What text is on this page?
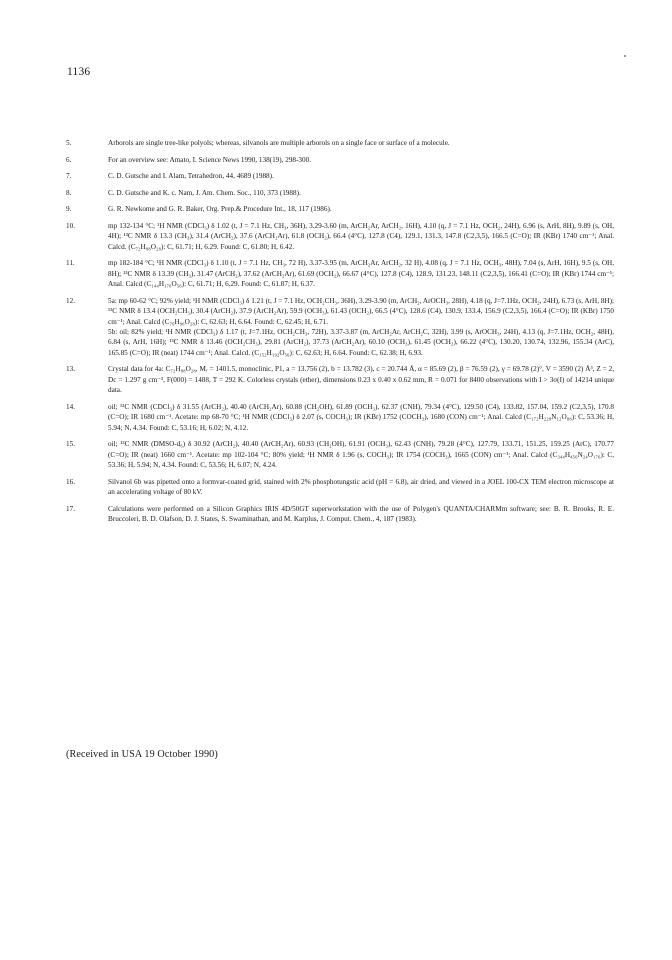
1136
5.	Arborols are single tree-like polyols; whereas, silvanols are multiple arborols on a single face or surface of a molecule.

6.	For an overview see: Amato, I. Science News 1990, 138(19), 298-300.

7.	C. D. Gutsche and I. Alam, Tetrahedron, 44, 4689 (1988).

8.	C. D. Gutsche and K. c. Nam, J. Am. Chem. Soc., 110, 373 (1988).

9.	G. R. Newkome and G. R. Baker, Org. Prep.& Procedure Int., 18, 117 (1986).

10.	mp 132-134 °C; ¹H NMR (CDCl₃) δ 1.02 (t, J = 7.1 Hz, CH₃, 36H), 3.29-3.60 (m, ArCH₂Ar, ArCH₂, 16H), 4.10 (q, J = 7.1 Hz, OCH₂, 24H), 6.96 (s, ArH, 8H), 9.89 (s, OH, 4H); ¹³C NMR δ 13.3 (CH₃), 31.4 (ArCH₂), 37.6 (ArCH₂Ar), 61.8 (OCH₂), 66.4 (4°C), 127.8 (C4), 129.1, 131.3, 147.8 (C2,3,5), 166.5 (C=O); IR (KBr) 1740 cm⁻¹; Anal. Calcd. (C₇₂H₈₈O₂₈): C, 61.71; H, 6.29. Found: C, 61.80; H, 6.42.

11.	mp 182-184 °C; ¹H NMR (CDCl₃) δ 1.10 (t, J = 7.1 Hz, CH₃, 72 H), 3.37-3.95 (m, ArCH₂Ar, ArCH₂, 32 H), 4.08 (q, J = 7.1 Hz, OCH₃, 48H), 7.04 (s, ArH, 16H), 9.5 (s, OH, 8H); ¹³C NMR δ 13.39 (CH₃), 31.47 (ArCH₂), 37.62 (ArCH₂Ar), 61.69 (OCH₂), 66.67 (4°C), 127.8 (C4), 128.9, 131.23, 148.11 (C2,3,5), 166.41 (C=O); IR (KBr) 1744 cm⁻¹; Anal. Calcd (C₁₄₄H₁₇₆O₅₆): C, 61.71; H, 6.29. Found: C, 61.87; H, 6.37.

12.	5a: mp 60-62 °C; 92% yield; ¹H NMR (CDCl₃) δ 1.21 (t, J = 7.1 Hz, OCH₂CH₃, 36H), 3.29-3.90 (m, ArCH₂, ArOCH₃, 28H), 4.18 (q, J=7.1Hz, OCH₂, 24H), 6.73 (s, ArH, 8H); ¹³C NMR δ 13.4 (OCH₂CH₃), 30.4 (ArCH₂), 37.9 (ArCH₂Ar), 59.9 (OCH₃), 61.43 (OCH₂), 66.5 (4°C), 128.6 (C4), 130.9, 133.4, 156.9 (C2,3,5), 166.4 (C=O); IR (KBr) 1750 cm⁻¹; Anal. Calcd (C₇₆H₉₆O₂₈): C, 62.63; H, 6.64. Found: C, 62.45; H, 6.71.

5b: oil; 82% yield; ¹H NMR (CDCl₃) δ 1.17 (t, J=7.1Hz, OCH₂CH₃, 72H), 3.37-3.87 (m, ArCH₂Ar, ArCH₂C, 32H), 3.99 (s, ArOCH₃, 24H), 4.13 (q, J=7.1Hz, OCH₂, 48H), 6.84 (s, ArH, 16H); ¹³C NMR δ 13.46 (OCH₂CH₃), 29.81 (ArCH₂), 37.73 (ArCH₂Ar), 60.10 (OCH₃), 61.45 (OCH₂), 66.22 (4°C), 130.20, 130.74, 132.96, 155.34 (ArC), 165.85 (C=O); IR (neat) 1744 cm⁻¹; Anal. Calcd. (C₁₅₂H₁₉₂O₅₆): C, 62.63; H, 6.64. Found: C, 62.38; H, 6.93.

13.	Crystal data for 4a: C₇₂H₈₈O₂₈, Mᵣ = 1401.5, monoclinic, P1, a = 13.756 (2), b = 13.782 (3), c = 20.744 Å, α = 85.69 (2), β = 76.59 (2), γ = 69.78 (2)°, V = 3590 (2) Å³, Z = 2, Dc = 1.297 g cm⁻³, F(000) = 1488, T = 292 K. Colorless crystals (ether), dimensions 0.23 x 0.40 x 0.62 mm, R = 0.071 for 8400 observations with I > 3σ(I) of 14214 unique data.

14.	oil; ¹³C NMR (CDCl₃) δ 31.55 (ArCH₂), 40.40 (ArCH₂Ar), 60.88 (CH₂OH), 61.89 (OCH₃), 62.37 (CNH), 79.34 (4°C), 129.50 (C4), 133.82, 157.04, 159.2 (C2,3,5), 170.8 (C=O); IR 1680 cm⁻¹. Acetate: mp 68-70 °C; ¹H NMR (CDCl₃) δ 2.07 (s, COCH₃); IR (KBr) 1752 (COCH₃), 1680 (CON) cm⁻¹; Anal. Calcd (C₁₇₂H₂₂₈N₁₂O₈₈): C, 53.36; H, 5.94; N, 4.34. Found: C, 53.16; H, 6.02; N, 4.12.

15.	oil; ¹³C NMR (DMSO-d₆) δ 30.92 (ArCH₂), 40.40 (ArCH₂Ar), 60.93 (CH₂OH), 61.91 (OCH₃), 62.43 (CNH), 79.28 (4°C), 127.79, 133.71, 151.25, 159.25 (ArC), 170.77 (C=O); IR (neat) 1660 cm⁻¹. Acetate: mp 102-104 °C; 80% yield; ¹H NMR δ 1.96 (s, COCH₃); IR 1754 (COCH₃), 1665 (CON) cm⁻¹; Anal. Calcd (C₃₄₄H₄₅₆N₂₄O₁₇₆): C, 53.36; H, 5.94; N, 4.34. Found: C, 53.56; H, 6.07; N, 4.24.

16.	Silvanol 6b was pipetted onto a formvar-coated grid, stained with 2% phosphotungstic acid (pH = 6.8), air dried, and viewed in a JOEL 100-CX TEM electron microscope at an accelerating voltage of 80 kV.

17.	Calculations were performed on a Silicon Graphics IRIS 4D/50GT superworkstation with the use of Polygen's QUANTA/CHARMm software; see: B. R. Brooks, R. E. Bruccoleri, B. D. Olafson, D. J. States, S. Swaminathan, and M. Karplus, J. Comput. Chem., 4, 187 (1983).

(Received in USA 19 October 1990)
